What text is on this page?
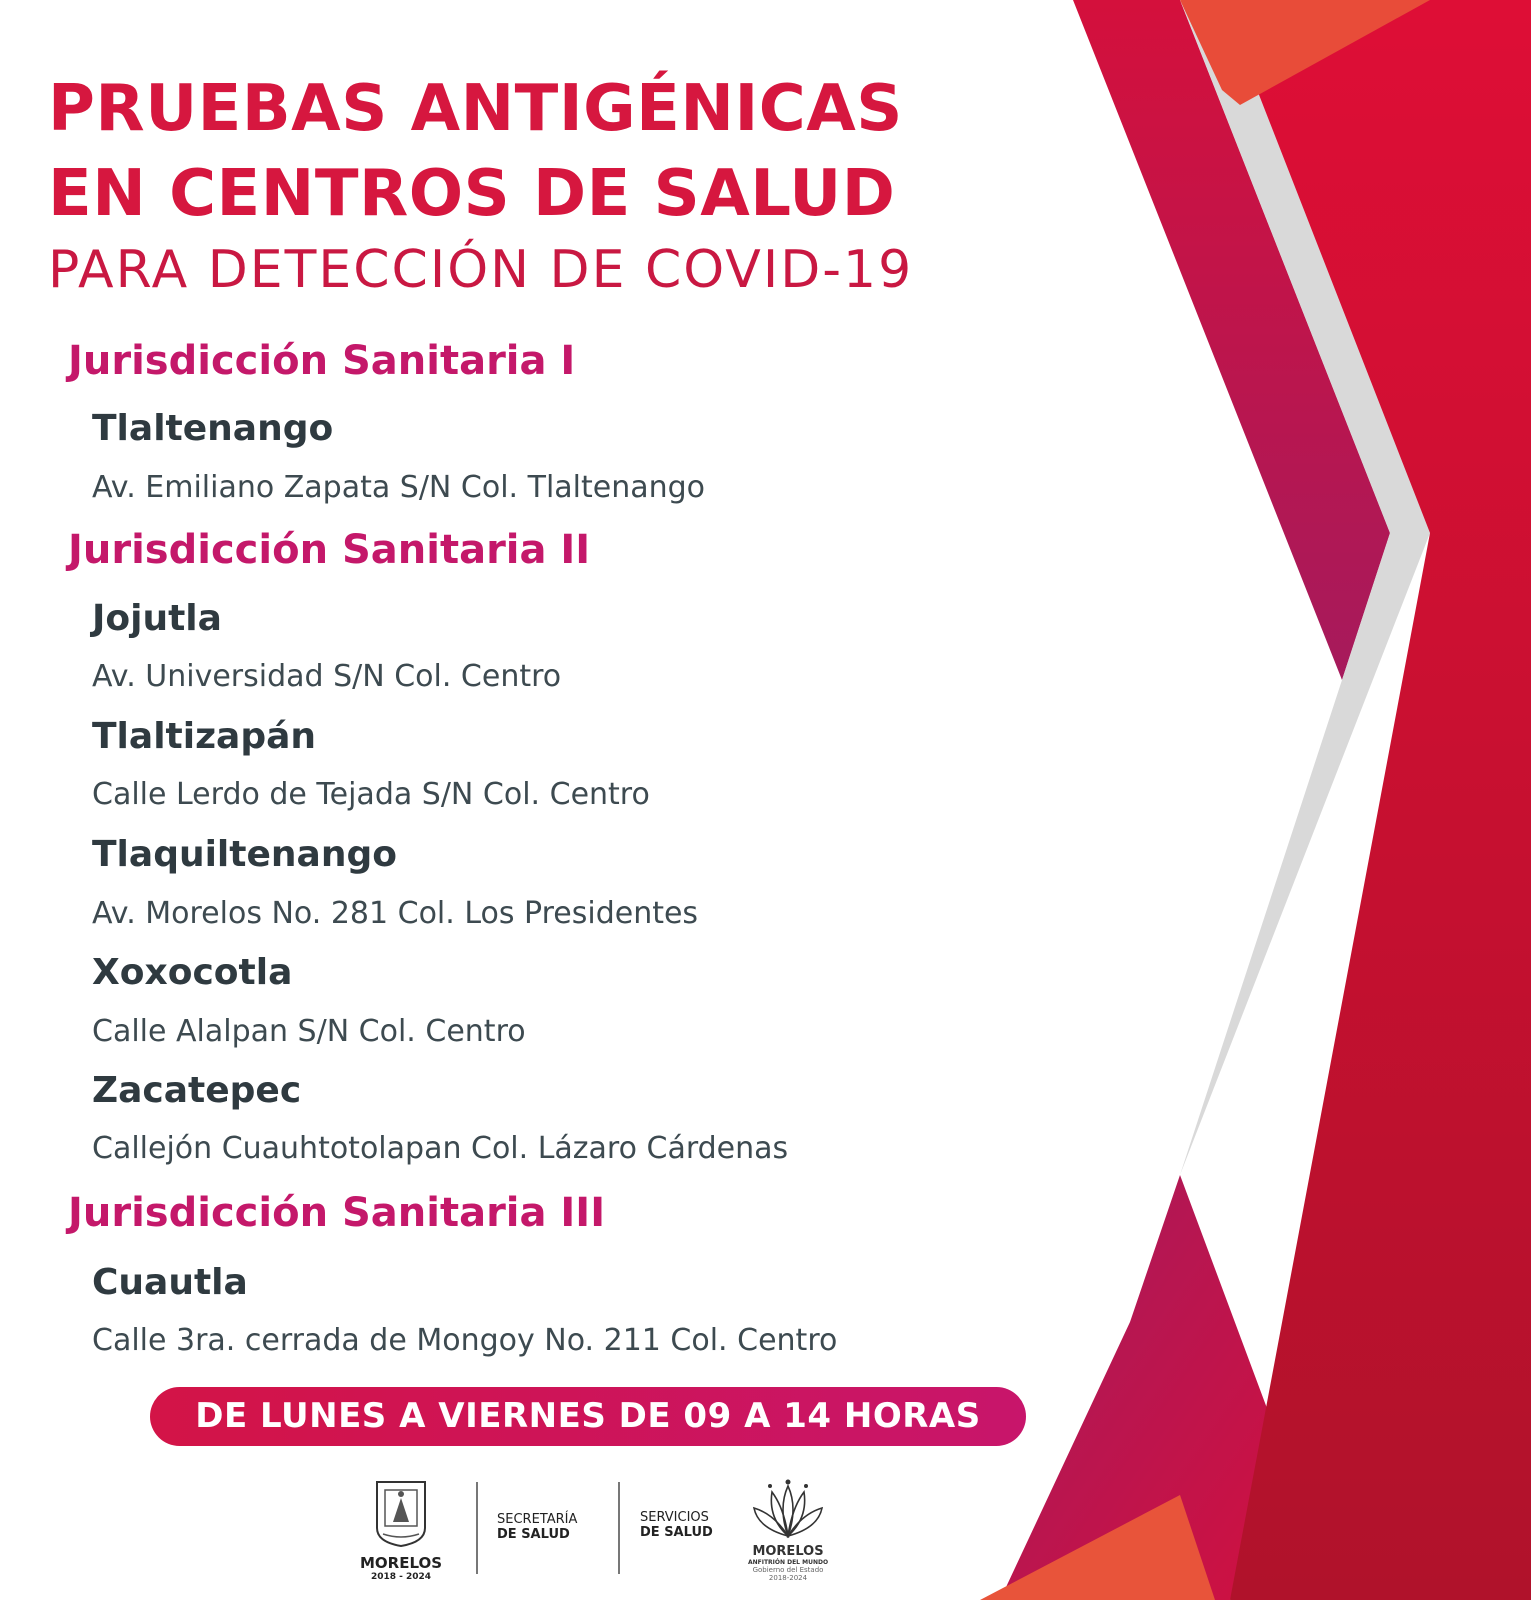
PRUEBAS ANTIGÉNICAS
EN CENTROS DE SALUD
PARA DETECCIÓN DE COVID-19
Jurisdicción Sanitaria I

Tlaltenango

Av. Emiliano Zapata S/N Col. Tlaltenango

Jurisdicción Sanitaria II

Jojutla

Av. Universidad S/N Col. Centro

Tlaltizapán

Calle Lerdo de Tejada S/N Col. Centro

Tlaquiltenango

Av. Morelos No. 281 Col. Los Presidentes

Xoxocotla

Calle Alalpan S/N Col. Centro

Zacatepec

Callejón Cuauhtotolapan Col. Lázaro Cárdenas

Jurisdicción Sanitaria III

Cuautla

Calle 3ra. cerrada de Mongoy No. 211 Col. Centro

DE LUNES A VIERNES DE 09 A 14 HORAS

MORELOS

2018 - 2024

SECRETARÍA

DE SALUD

SERVICIOS

DE SALUD

MORELOS

ANFITRIÓN DEL MUNDO

Gobierno del Estado

2018-2024
